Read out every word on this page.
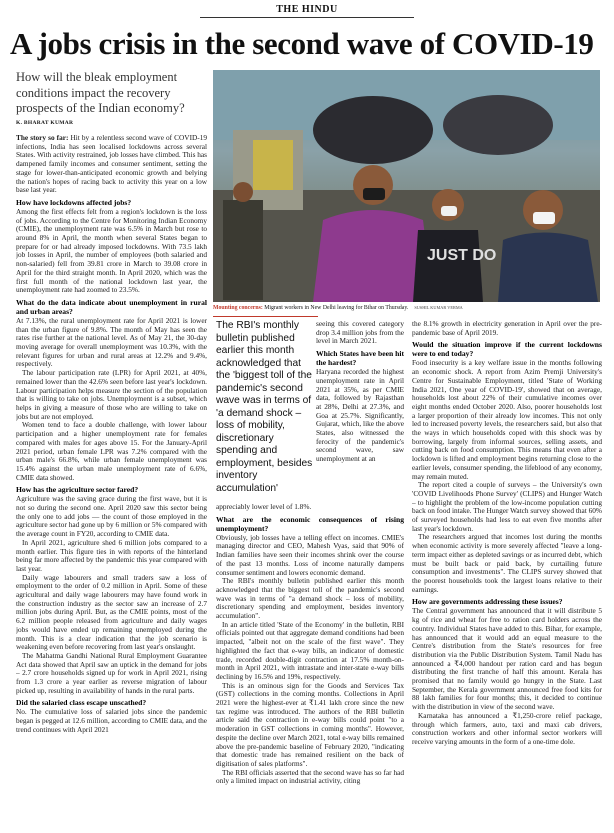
THE HINDU
A jobs crisis in the second wave of COVID-19
How will the bleak employment conditions impact the recovery prospects of the Indian economy?
K. BHARAT KUMAR

The story so far: Hit by a relentless second wave of COVID-19 infections, India has seen localised lockdowns across several States. With activity restrained, job losses have climbed. This has dampened family incomes and consumer sentiment, setting the stage for lower-than-anticipated economic growth and belying the nation's hopes of racing back to activity this year on a low base last year.

How have lockdowns affected jobs?

Among the first effects felt from a region's lockdown is the loss of jobs. According to the Centre for Monitoring Indian Economy (CMIE), the unemployment rate was 6.5% in March but rose to around 8% in April, the month when several States began to prepare for or had already imposed lockdowns. With 73.5 lakh job losses in April, the number of employees (both salaried and non-salaried) fell from 39.81 crore in March to 39.08 crore in April for the third straight month. In April 2020, which was the first full month of the national lockdown last year, the unemployment rate had zoomed to 23.5%.

What do the data indicate about unemployment in rural and urban areas?

At 7.13%, the rural unemployment rate for April 2021 is lower than the urban figure of 9.8%. The month of May has seen the rates rise further at the national level. As of May 21, the 30-day moving average for overall unemployment was 10.3%, with the relevant figures for urban and rural areas at 12.2% and 9.4%, respectively.

The labour participation rate (LPR) for April 2021, at 40%, remained lower than the 42.6% seen before last year's lockdown. Labour participation helps measure the section of the population that is willing to take on jobs. Unemployment is a subset, which helps in giving a measure of those who are willing to take on jobs but are not employed.

Women tend to face a double challenge, with lower labour participation and a higher unemployment rate for females compared with males for ages above 15. For the January-April 2021 period, urban female LPR was 7.2% compared with the urban male's 66.8%, while urban female unemployment was 15.4% against the urban male unemployment rate of 6.6%, CMIE data showed.

How has the agriculture sector fared?

Agriculture was the saving grace during the first wave, but it is not so during the second one. April 2020 saw this sector being the only one to add jobs — the count of those employed in the agriculture sector had gone up by 6 million or 5% compared with the average count in FY20, according to CMIE data.

In April 2021, agriculture shed 6 million jobs compared to a month earlier. This figure ties in with reports of the hinterland being far more affected by the pandemic this year compared with last year.

Daily wage labourers and small traders saw a loss of employment to the order of 0.2 million in April. Some of these agricultural and daily wage labourers may have found work in the construction industry as the sector saw an increase of 2.7 million jobs during April. But, as the CMIE points, most of the 6.2 million people released from agriculture and daily wages jobs would have ended up remaining unemployed during the month. This is a clear indication that the job scenario is weakening even before recovering from last year's onslaught.

The Mahatma Gandhi National Rural Employment Guarantee Act data showed that April saw an uptick in the demand for jobs – 2.7 crore households signed up for work in April 2021, rising from 1.3 crore a year earlier as reverse migration of labour picked up, resulting in availability of hands in the rural parts.

Did the salaried class escape unscathed?

No. The cumulative loss of salaried jobs since the pandemic began is pegged at 12.6 million, according to CMIE data, and the trend continues with April 2021

JUST DO
Mounting concerns: Migrant workers in New Delhi leaving for Bihar on Thursday. SUSHIL KUMAR VERMA
The RBI's monthly bulletin published earlier this month acknowledged that the 'biggest toll of the pandemic's second wave was in terms of 'a demand shock – loss of mobility, discretionary spending and employment, besides inventory accumulation'

seeing this covered category drop 3.4 million jobs from the level in March 2021.

Which States have been hit the hardest?

Haryana recorded the highest unemployment rate in April 2021 at 35%, as per CMIE data, followed by Rajasthan at 28%, Delhi at 27.3%, and Goa at 25.7%. Significantly, Gujarat, which, like the above States, also witnessed the ferocity of the pandemic's second wave, saw unemployment at an

appreciably lower level of 1.8%.

What are the economic consequences of rising unemployment?

Obviously, job losses have a telling effect on incomes. CMIE's managing director and CEO, Mahesh Vyas, said that 90% of Indian families have seen their incomes shrink over the course of the past 13 months. Loss of income naturally dampens consumer sentiment and lowers economic demand.

The RBI's monthly bulletin published earlier this month acknowledged that the biggest toll of the pandemic's second wave was in terms of "a demand shock – loss of mobility, discretionary spending and employment, besides inventory accumulation".

In an article titled 'State of the Economy' in the bulletin, RBI officials pointed out that aggregate demand conditions had been impacted, "albeit not on the scale of the first wave". They highlighted the fact that e-way bills, an indicator of domestic trade, recorded double-digit contraction at 17.5% month-on-month in April 2021, with intrastate and inter-state e-way bills declining by 16.5% and 19%, respectively.

This is an ominous sign for the Goods and Services Tax (GST) collections in the coming months. Collections in April 2021 were the highest-ever at ₹1.41 lakh crore since the new tax regime was introduced. The authors of the RBI bulletin article said the contraction in e-way bills could point "to a moderation in GST collections in coming months". However, despite the decline over March 2021, total e-way bills remained above the pre-pandemic baseline of February 2020, "indicating that domestic trade has remained resilient on the back of digitisation of sales platforms".

The RBI officials asserted that the second wave has so far had only a limited impact on industrial activity, citing

the 8.1% growth in electricity generation in April over the pre-pandemic base of April 2019.

Would the situation improve if the current lockdowns were to end today?

Food insecurity is a key welfare issue in the months following an economic shock. A report from Azim Premji University's Centre for Sustainable Employment, titled 'State of Working India 2021, One year of COVID-19', showed that on average, households lost about 22% of their cumulative incomes over eight months ended October 2020. Also, poorer households lost a larger proportion of their already low incomes. This not only led to increased poverty levels, the researchers said, but also that the ways in which households coped with this shock was by borrowing, largely from informal sources, selling assets, and cutting back on food consumption. This means that even after a lockdown is lifted and employment begins returning close to the earlier levels, consumer spending, the lifeblood of any economy, may remain muted.

The report cited a couple of surveys – the University's own 'COVID Livelihoods Phone Survey' (CLIPS) and Hunger Watch – to highlight the problem of the low-income population cutting back on food intake. The Hunger Watch survey showed that 60% of surveyed households had less to eat even five months after last year's lockdown.

The researchers argued that incomes lost during the months when economic activity is more severely affected "leave a long-term impact either as depleted savings or as incurred debt, which must be built back or paid back, by curtailing future consumption and investments". The CLIPS survey showed that the poorest households took the largest loans relative to their earnings.

How are governments addressing these issues?

The Central government has announced that it will distribute 5 kg of rice and wheat for free to ration card holders across the country. Individual States have added to this. Bihar, for example, has announced that it would add an equal measure to the Centre's distribution from the State's resources for free distribution via the Public Distribution System. Tamil Nadu has announced a ₹4,000 handout per ration card and has begun distributing the first tranche of half this amount. Kerala has promised that no family would go hungry in the State. Last September, the Kerala government announced free food kits for 88 lakh families for four months; this, it decided to continue with the distribution in view of the second wave.

Karnataka has announced a ₹1,250-crore relief package, through which farmers, auto, taxi and maxi cab drivers, construction workers and other informal sector workers will receive varying amounts in the form of a one-time dole.
